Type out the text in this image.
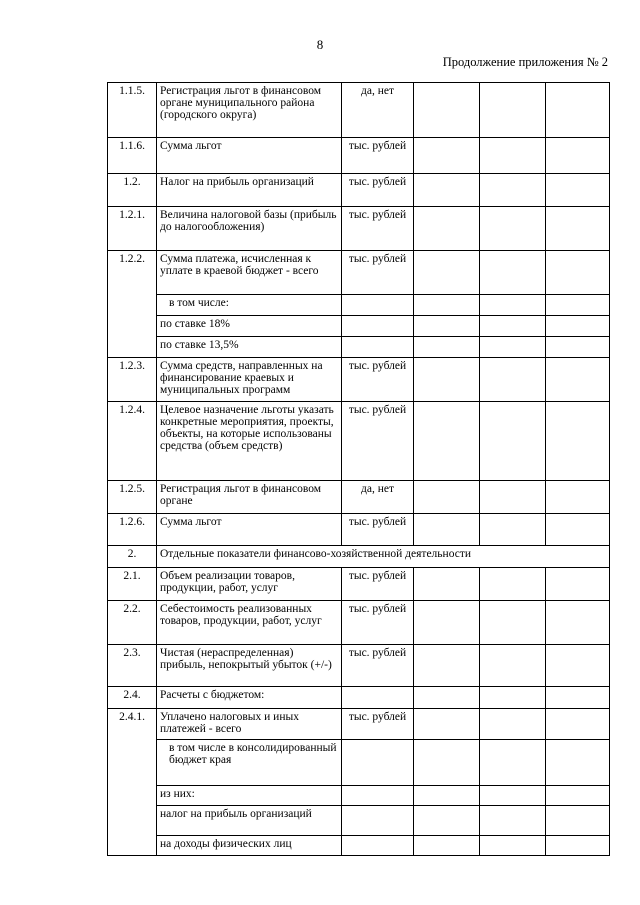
8
Продолжение приложения № 2
1.1.5.	Регистрация льгот в финансовом органе муниципального района (городского округа)	да, нет			
1.1.6.	Сумма льгот	тыс. рублей			
1.2.	Налог на прибыль организаций	тыс. рублей			
1.2.1.	Величина налоговой базы (прибыль до налогообложения)	тыс. рублей			
1.2.2.	Сумма платежа, исчисленная к уплате в краевой бюджет - всего	тыс. рублей			
	в том числе:				
	по ставке 18%				
	по ставке 13,5%				
1.2.3.	Сумма средств, направленных на финансирование краевых и муниципальных программ	тыс. рублей			
1.2.4.	Целевое назначение льготы указать конкретные мероприятия, проекты, объекты, на которые использованы средства (объем средств)	тыс. рублей			
1.2.5.	Регистрация льгот в финансовом органе	да, нет			
1.2.6.	Сумма льгот	тыс. рублей			
2.	Отдельные показатели финансово-хозяйственной деятельности				
2.1.	Объем реализации товаров, продукции, работ, услуг	тыс. рублей			
2.2.	Себестоимость реализованных товаров, продукции, работ, услуг	тыс. рублей			
2.3.	Чистая (нераспределенная) прибыль, непокрытый убыток (+/-)	тыс. рублей			
2.4.	Расчеты с бюджетом:				
2.4.1.	Уплачено налоговых и иных платежей - всего	тыс. рублей			
	в том числе в консолидированный бюджет края				
	из них:				
	налог на прибыль организаций				
	на доходы физических лиц				
